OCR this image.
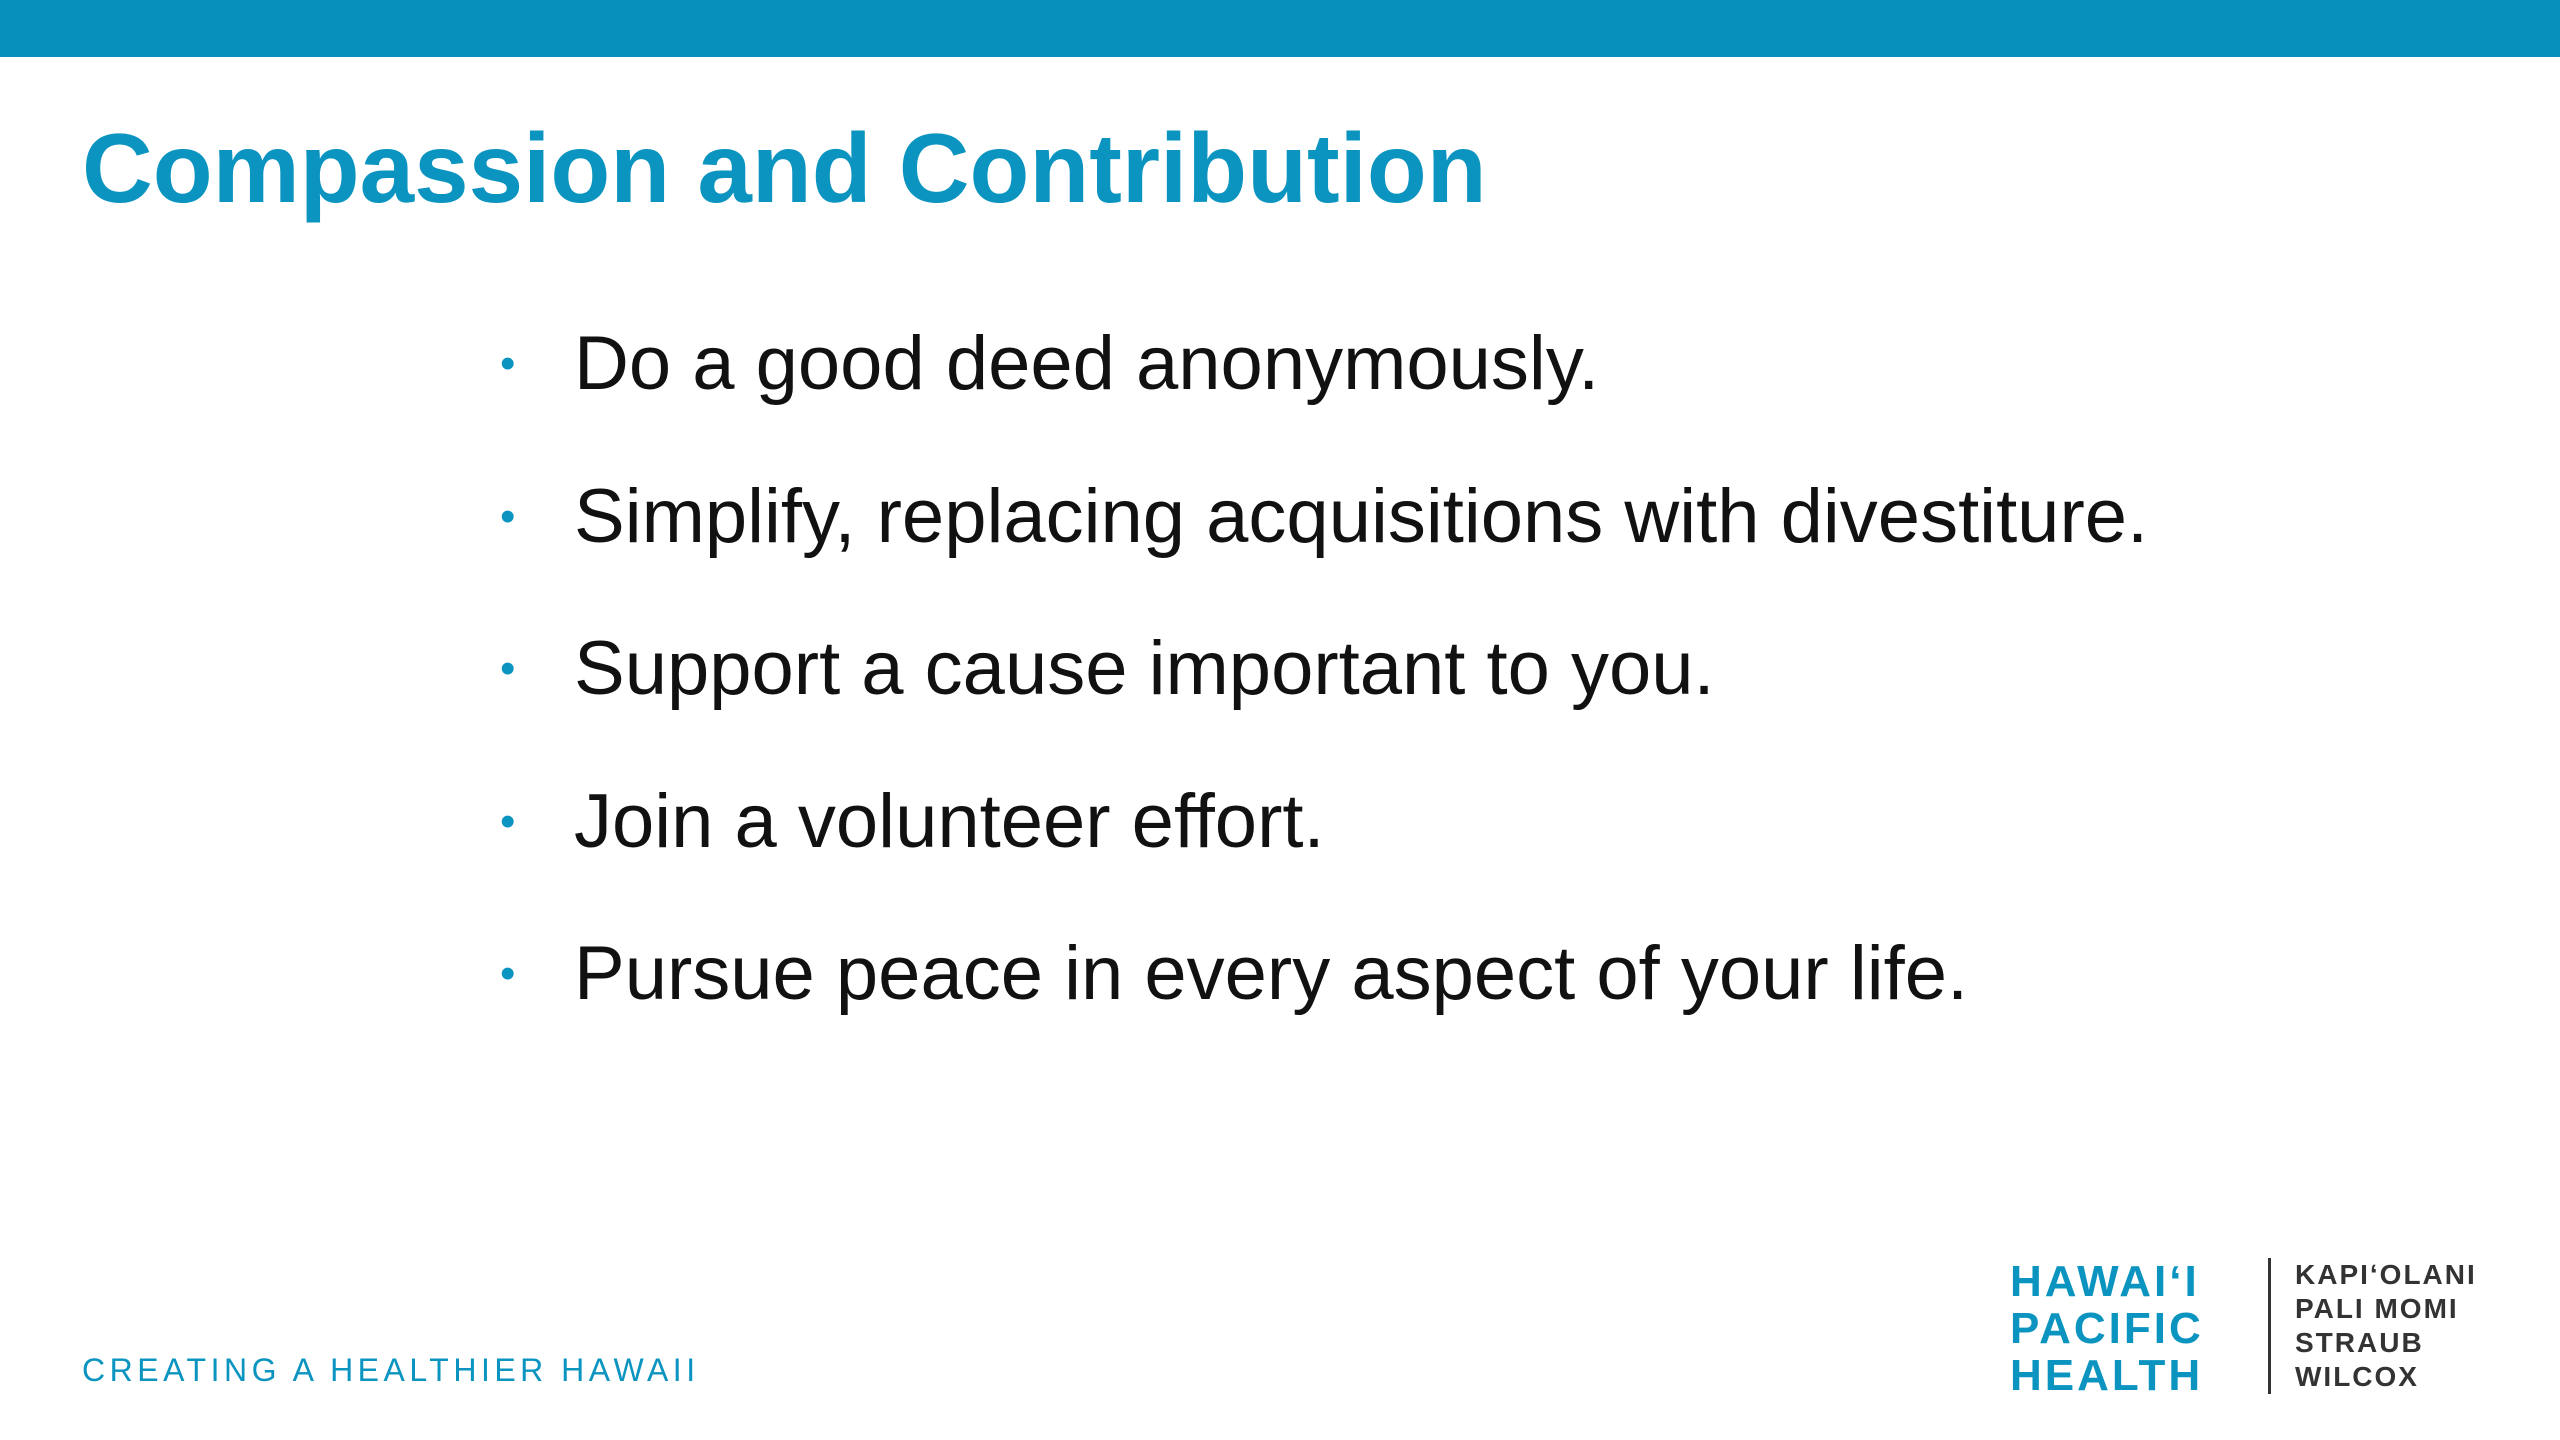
Compassion and Contribution
• Do a good deed anonymously.
• Simplify, replacing acquisitions with divestiture.
• Support a cause important to you.
• Join a volunteer effort.
• Pursue peace in every aspect of your life.
CREATING A HEALTHIER HAWAII
HAWAIʻI
PACIFIC
HEALTH
KAPIʻOLANI
PALI MOMI
STRAUB
WILCOX
